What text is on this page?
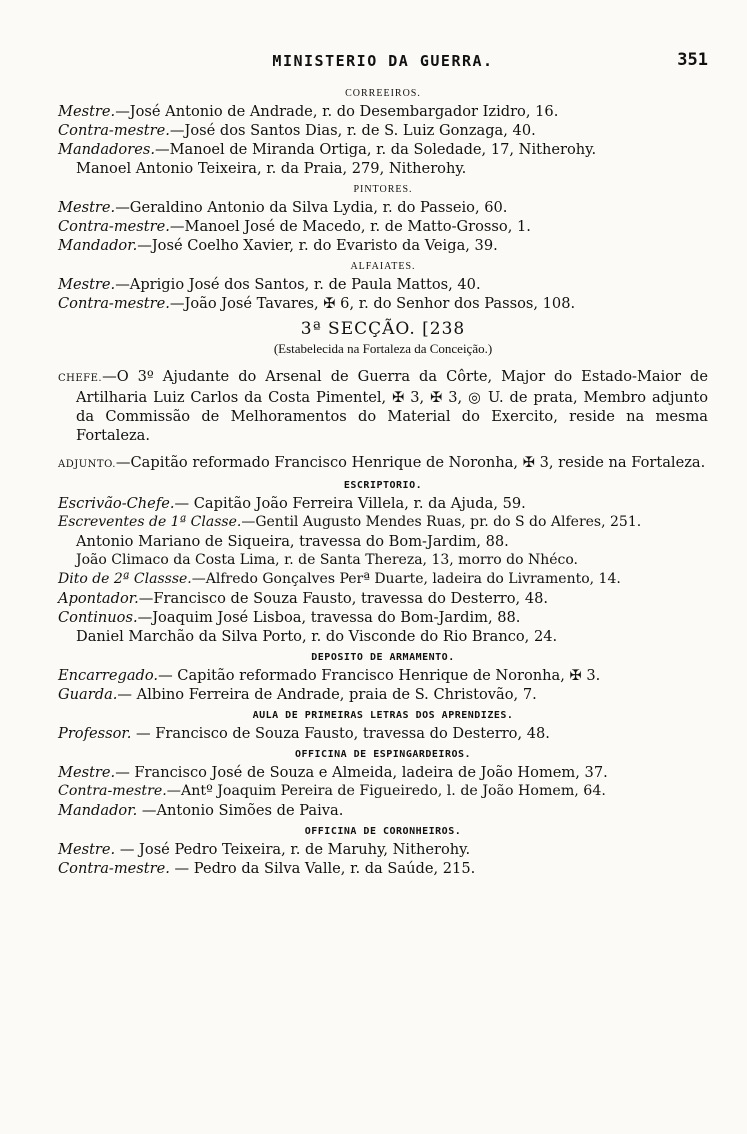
MINISTERIO DA GUERRA.	351
CORREEIROS.
Mestre.—José Antonio de Andrade, r. do Desembargador Izidro, 16.
Contra-mestre.—José dos Santos Dias, r. de S. Luiz Gonzaga, 40.
Mandadores.—Manoel de Miranda Ortiga, r. da Soledade, 17, Nitherohy.
Manoel Antonio Teixeira, r. da Praia, 279, Nitherohy.
PINTORES.
Mestre.—Geraldino Antonio da Silva Lydia, r. do Passeio, 60.
Contra-mestre.—Manoel José de Macedo, r. de Matto-Grosso, 1.
Mandador.—José Coelho Xavier, r. do Evaristo da Veiga, 39.
ALFAIATES.
Mestre.—Aprigio José dos Santos, r. de Paula Mattos, 40.
Contra-mestre.—João José Tavares, ✠ 6, r. do Senhor dos Passos, 108.
3ª SECÇÃO. [238
(Estabelecida na Fortaleza da Conceição.)
CHEFE.—O 3º Ajudante do Arsenal de Guerra da Côrte, Major do Estado-Maior de Artilharia Luiz Carlos da Costa Pimentel, ✠ 3, ✠ 3, ◎ U. de prata, Membro adjunto da Commissão de Melhoramentos do Material do Exercito, reside na mesma Fortaleza.
ADJUNTO.—Capitão reformado Francisco Henrique de Noronha, ✠ 3, reside na Fortaleza.
ESCRIPTORIO.
Escrivão-Chefe.— Capitão João Ferreira Villela, r. da Ajuda, 59.
Escreventes de 1ª Classe.—Gentil Augusto Mendes Ruas, pr. do S do Alferes, 251.
Antonio Mariano de Siqueira, travessa do Bom-Jardim, 88.
João Climaco da Costa Lima, r. de Santa Thereza, 13, morro do Nhéco.
Dito de 2ª Classse.—Alfredo Gonçalves Perª Duarte, ladeira do Livramento, 14.
Apontador.—Francisco de Souza Fausto, travessa do Desterro, 48.
Continuos.—Joaquim José Lisboa, travessa do Bom-Jardim, 88.
Daniel Marchão da Silva Porto, r. do Visconde do Rio Branco, 24.
DEPOSITO DE ARMAMENTO.
Encarregado.— Capitão reformado Francisco Henrique de Noronha, ✠ 3.
Guarda.— Albino Ferreira de Andrade, praia de S. Christovão, 7.
AULA DE PRIMEIRAS LETRAS DOS APRENDIZES.
Professor. — Francisco de Souza Fausto, travessa do Desterro, 48.
OFFICINA DE ESPINGARDEIROS.
Mestre.— Francisco José de Souza e Almeida, ladeira de João Homem, 37.
Contra-mestre.—Antº Joaquim Pereira de Figueiredo, l. de João Homem, 64.
Mandador. —Antonio Simões de Paiva.
OFFICINA DE CORONHEIROS.
Mestre. — José Pedro Teixeira, r. de Maruhy, Nitherohy.
Contra-mestre. — Pedro da Silva Valle, r. da Saúde, 215.
